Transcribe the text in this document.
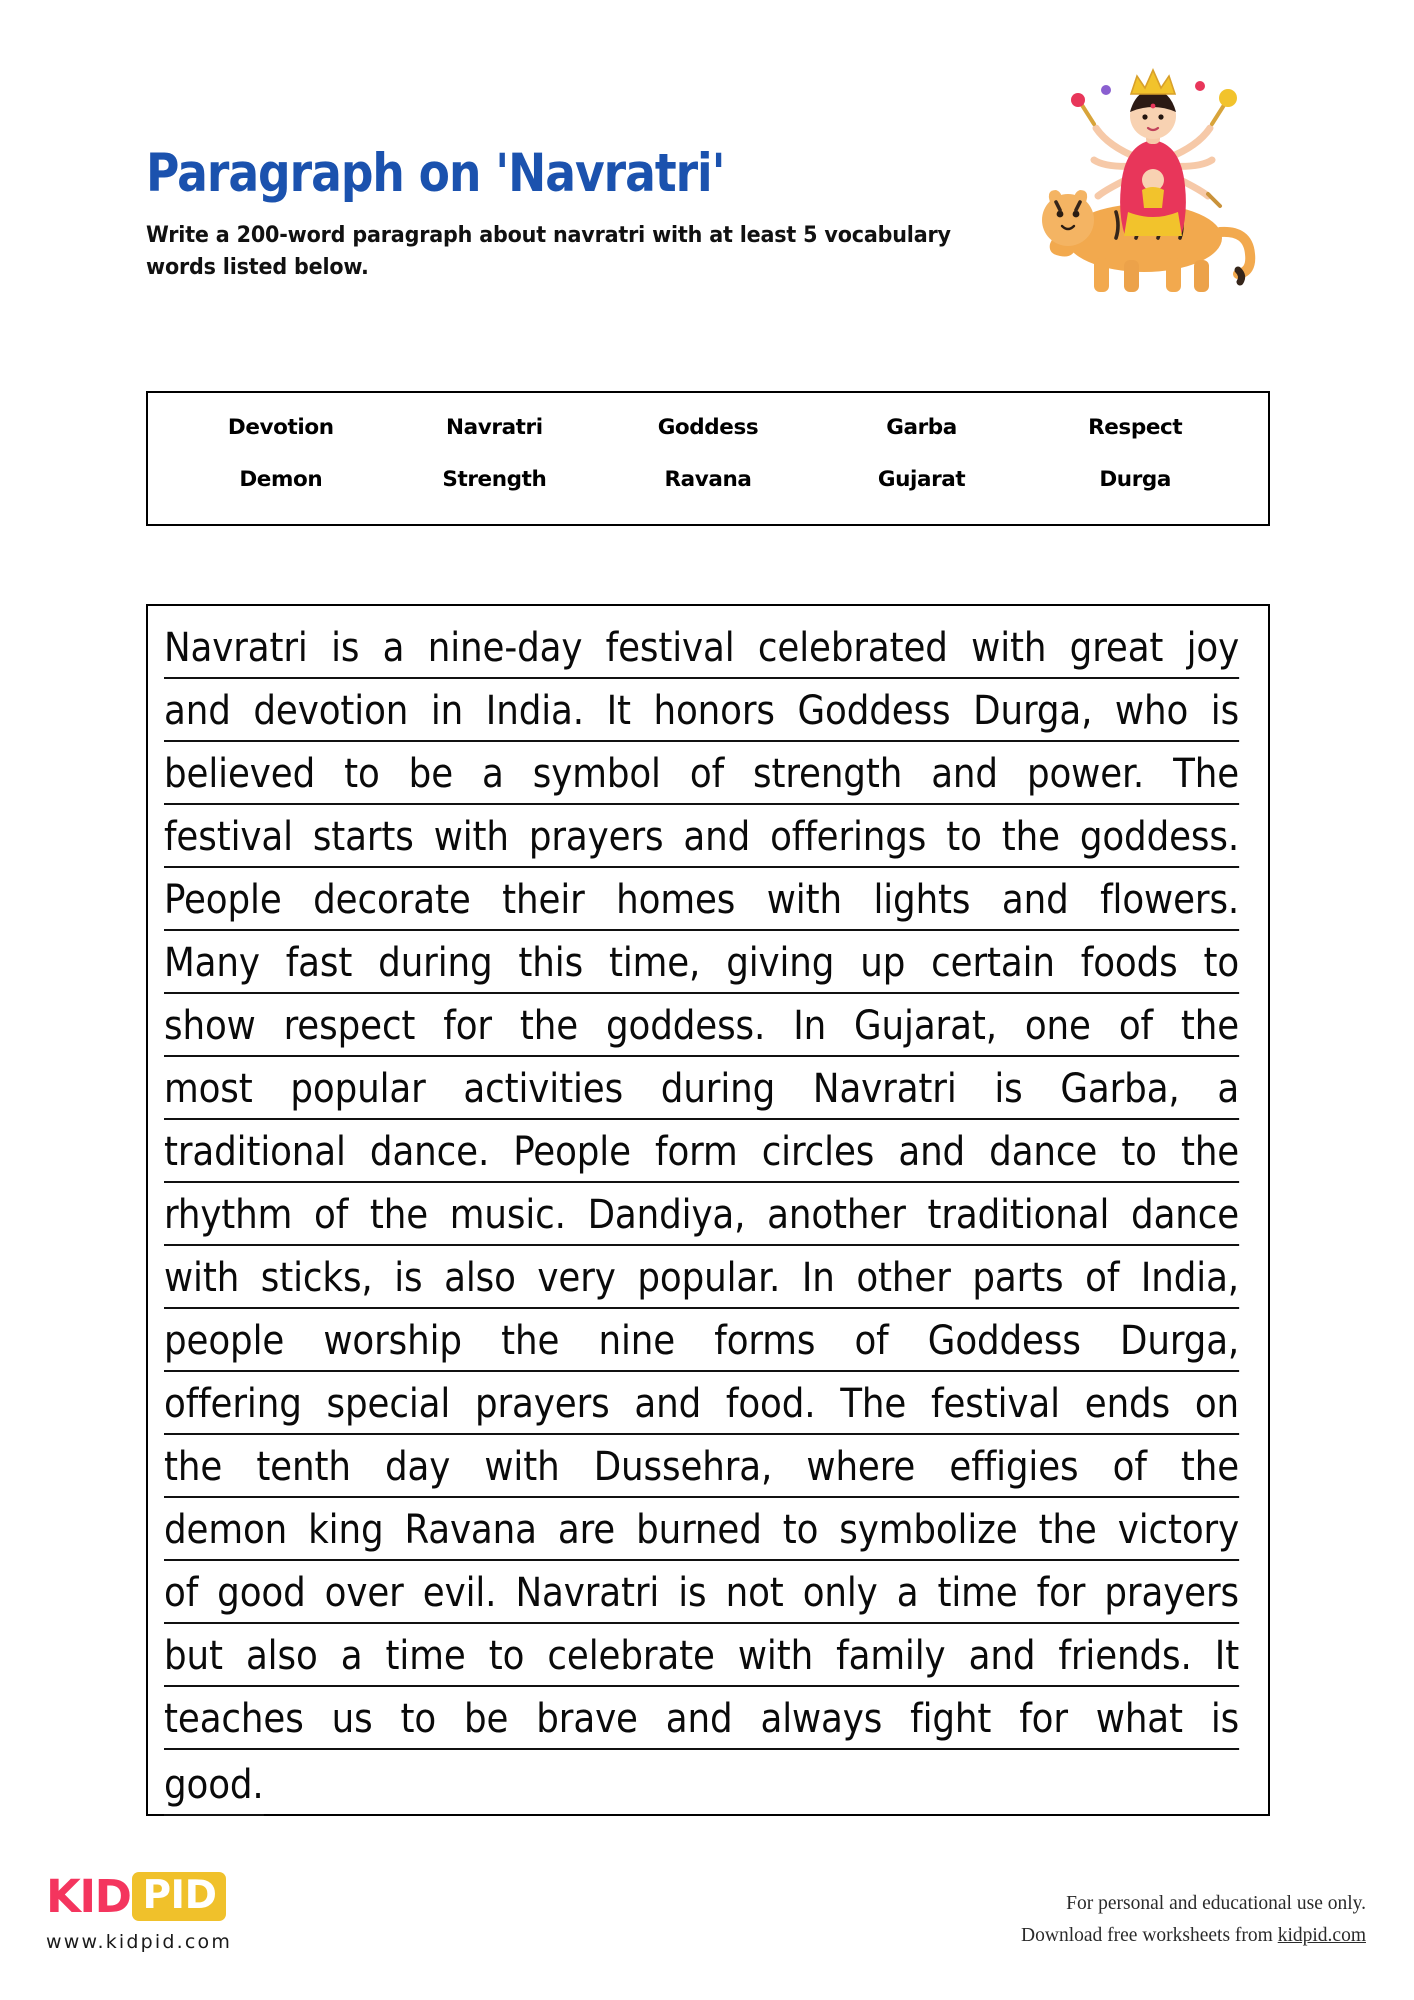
Paragraph on 'Navratri'
Write a 200-word paragraph about navratri with at least 5 vocabulary words listed below.
Devotion	Navratri	Goddess	Garba	Respect
Demon	Strength	Ravana	Gujarat	Durga
Navratri is a nine-day festival celebrated with great joy
and devotion in India. It honors Goddess Durga, who is
believed to be a symbol of strength and power. The
festival starts with prayers and offerings to the goddess.
People decorate their homes with lights and flowers.
Many fast during this time, giving up certain foods to
show respect for the goddess. In Gujarat, one of the
most popular activities during Navratri is Garba, a
traditional dance. People form circles and dance to the
rhythm of the music. Dandiya, another traditional dance
with sticks, is also very popular. In other parts of India,
people worship the nine forms of Goddess Durga,
offering special prayers and food. The festival ends on
the tenth day with Dussehra, where effigies of the
demon king Ravana are burned to symbolize the victory
of good over evil. Navratri is not only a time for prayers
but also a time to celebrate with family and friends. It
teaches us to be brave and always fight for what is
good.
KID PID
www.kidpid.com
For personal and educational use only.
Download free worksheets from kidpid.com
